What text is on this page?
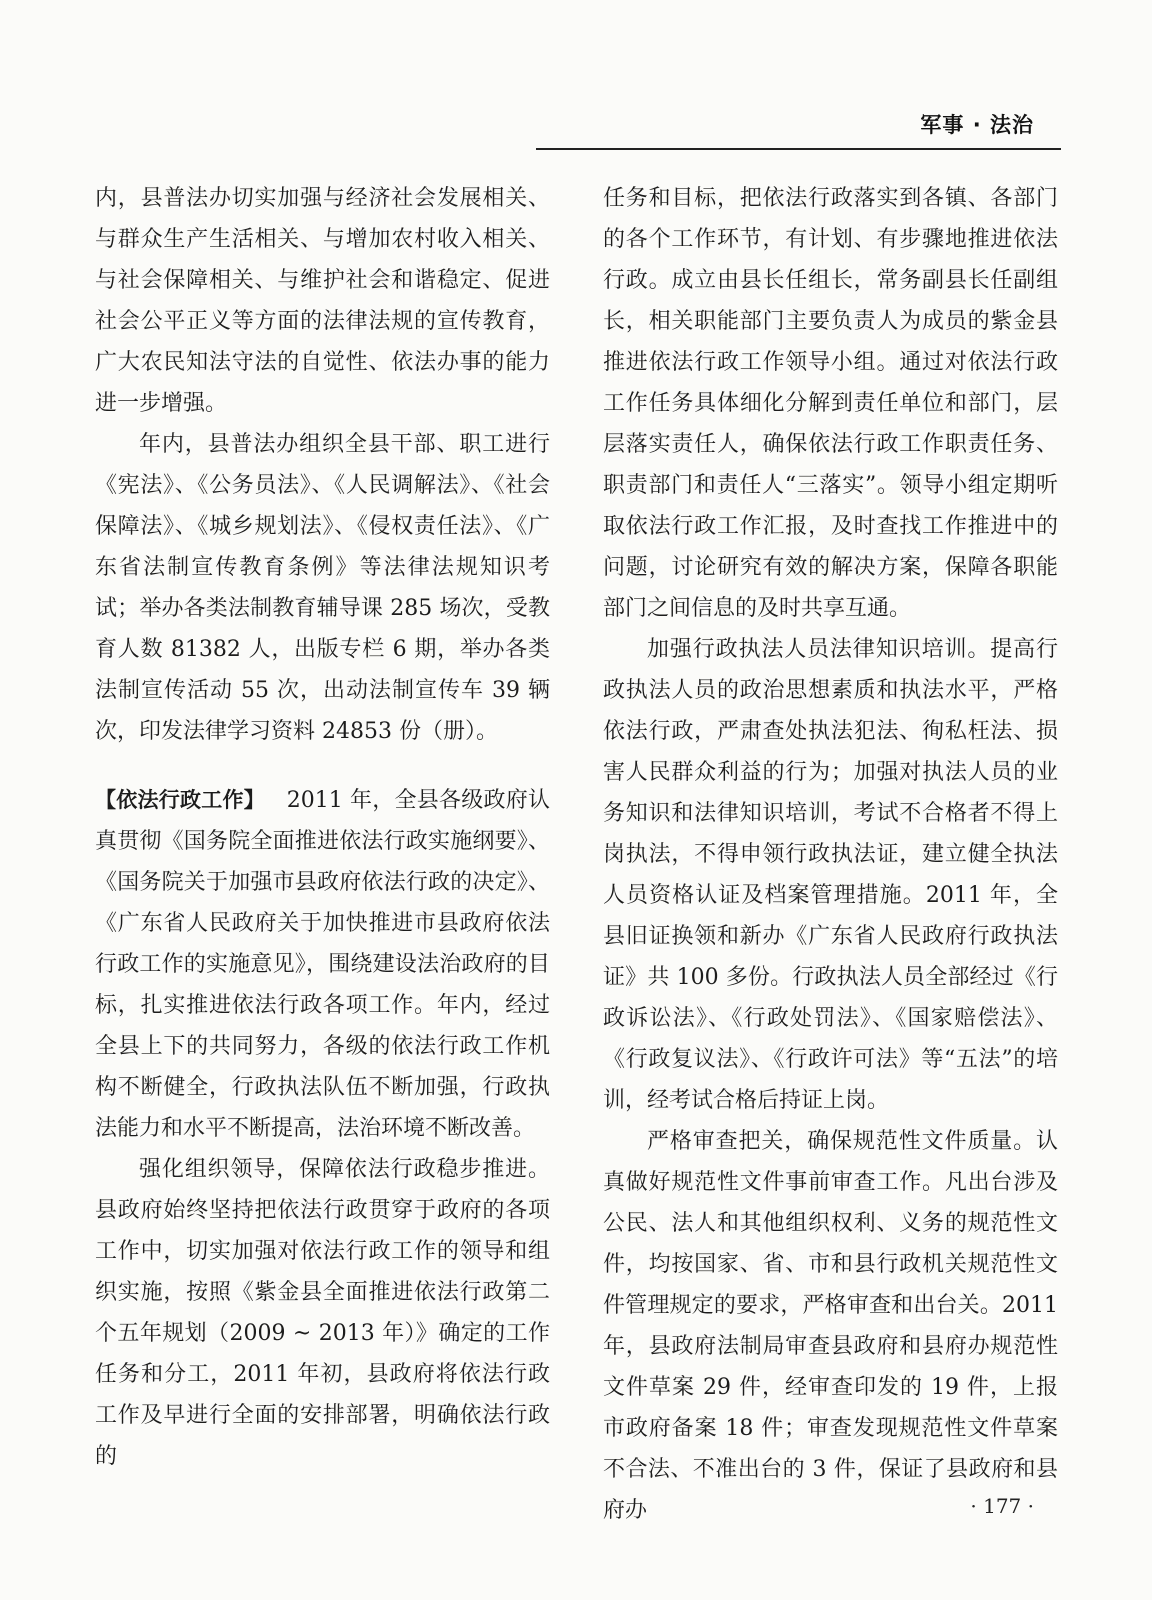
军事 · 法治

内，县普法办切实加强与经济社会发展相关、与群众生产生活相关、与增加农村收入相关、与社会保障相关、与维护社会和谐稳定、促进社会公平正义等方面的法律法规的宣传教育，广大农民知法守法的自觉性、依法办事的能力进一步增强。

年内，县普法办组织全县干部、职工进行《宪法》、《公务员法》、《人民调解法》、《社会保障法》、《城乡规划法》、《侵权责任法》、《广东省法制宣传教育条例》等法律法规知识考试；举办各类法制教育辅导课 285 场次，受教育人数 81382 人，出版专栏 6 期，举办各类法制宣传活动 55 次，出动法制宣传车 39 辆次，印发法律学习资料 24853 份（册）。

【依法行政工作】 2011 年，全县各级政府认真贯彻《国务院全面推进依法行政实施纲要》、《国务院关于加强市县政府依法行政的决定》、《广东省人民政府关于加快推进市县政府依法行政工作的实施意见》，围绕建设法治政府的目标，扎实推进依法行政各项工作。年内，经过全县上下的共同努力，各级的依法行政工作机构不断健全，行政执法队伍不断加强，行政执法能力和水平不断提高，法治环境不断改善。

强化组织领导，保障依法行政稳步推进。县政府始终坚持把依法行政贯穿于政府的各项工作中，切实加强对依法行政工作的领导和组织实施，按照《紫金县全面推进依法行政第二个五年规划（2009 ~ 2013 年）》确定的工作任务和分工，2011 年初，县政府将依法行政工作及早进行全面的安排部署，明确依法行政的

任务和目标，把依法行政落实到各镇、各部门的各个工作环节，有计划、有步骤地推进依法行政。成立由县长任组长，常务副县长任副组长，相关职能部门主要负责人为成员的紫金县推进依法行政工作领导小组。通过对依法行政工作任务具体细化分解到责任单位和部门，层层落实责任人，确保依法行政工作职责任务、职责部门和责任人“三落实”。领导小组定期听取依法行政工作汇报，及时查找工作推进中的问题，讨论研究有效的解决方案，保障各职能部门之间信息的及时共享互通。

加强行政执法人员法律知识培训。提高行政执法人员的政治思想素质和执法水平，严格依法行政，严肃查处执法犯法、徇私枉法、损害人民群众利益的行为；加强对执法人员的业务知识和法律知识培训，考试不合格者不得上岗执法，不得申领行政执法证，建立健全执法人员资格认证及档案管理措施。2011 年，全县旧证换领和新办《广东省人民政府行政执法证》共 100 多份。行政执法人员全部经过《行政诉讼法》、《行政处罚法》、《国家赔偿法》、《行政复议法》、《行政许可法》等“五法”的培训，经考试合格后持证上岗。

严格审查把关，确保规范性文件质量。认真做好规范性文件事前审查工作。凡出台涉及公民、法人和其他组织权利、义务的规范性文件，均按国家、省、市和县行政机关规范性文件管理规定的要求，严格审查和出台关。2011 年，县政府法制局审查县政府和县府办规范性文件草案 29 件，经审查印发的 19 件，上报市政府备案 18 件；审查发现规范性文件草案不合法、不准出台的 3 件，保证了县政府和县府办	· 177 ·
